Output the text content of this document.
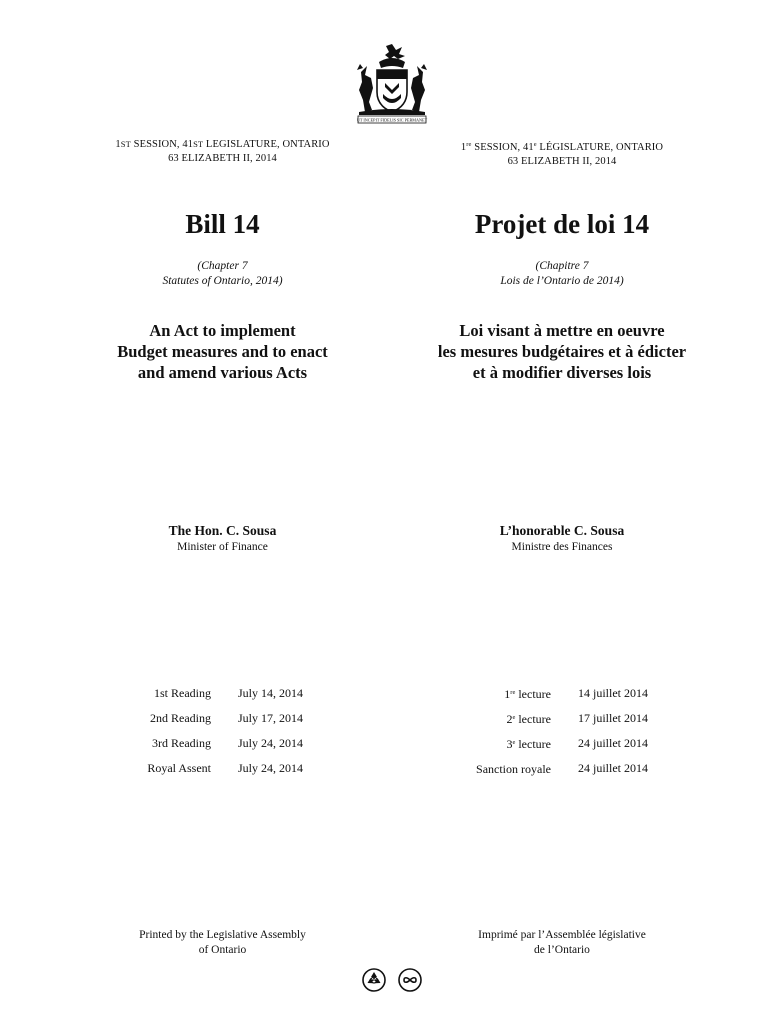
UT INCEPIT FIDELIS SIC PERMANET
1ST SESSION, 41ST LEGISLATURE, ONTARIO
63 ELIZABETH II, 2014
1re SESSION, 41e LÉGISLATURE, ONTARIO
63 ELIZABETH II, 2014
Bill 14	Projet de loi 14
(Chapter 7
Statutes of Ontario, 2014)
(Chapitre 7
Lois de l’Ontario de 2014)
An Act to implement
Budget measures and to enact
and amend various Acts
Loi visant à mettre en oeuvre
les mesures budgétaires et à édicter
et à modifier diverses lois
The Hon. C. Sousa
Minister of Finance
L’honorable C. Sousa
Ministre des Finances
1st Reading July 14, 2014
2nd Reading July 17, 2014
3rd Reading July 24, 2014
Royal Assent July 24, 2014
1re lecture 14 juillet 2014
2e lecture 17 juillet 2014
3e lecture 24 juillet 2014
Sanction royale 24 juillet 2014
Printed by the Legislative Assembly
of Ontario
Imprimé par l’Assemblée législative
de l’Ontario
